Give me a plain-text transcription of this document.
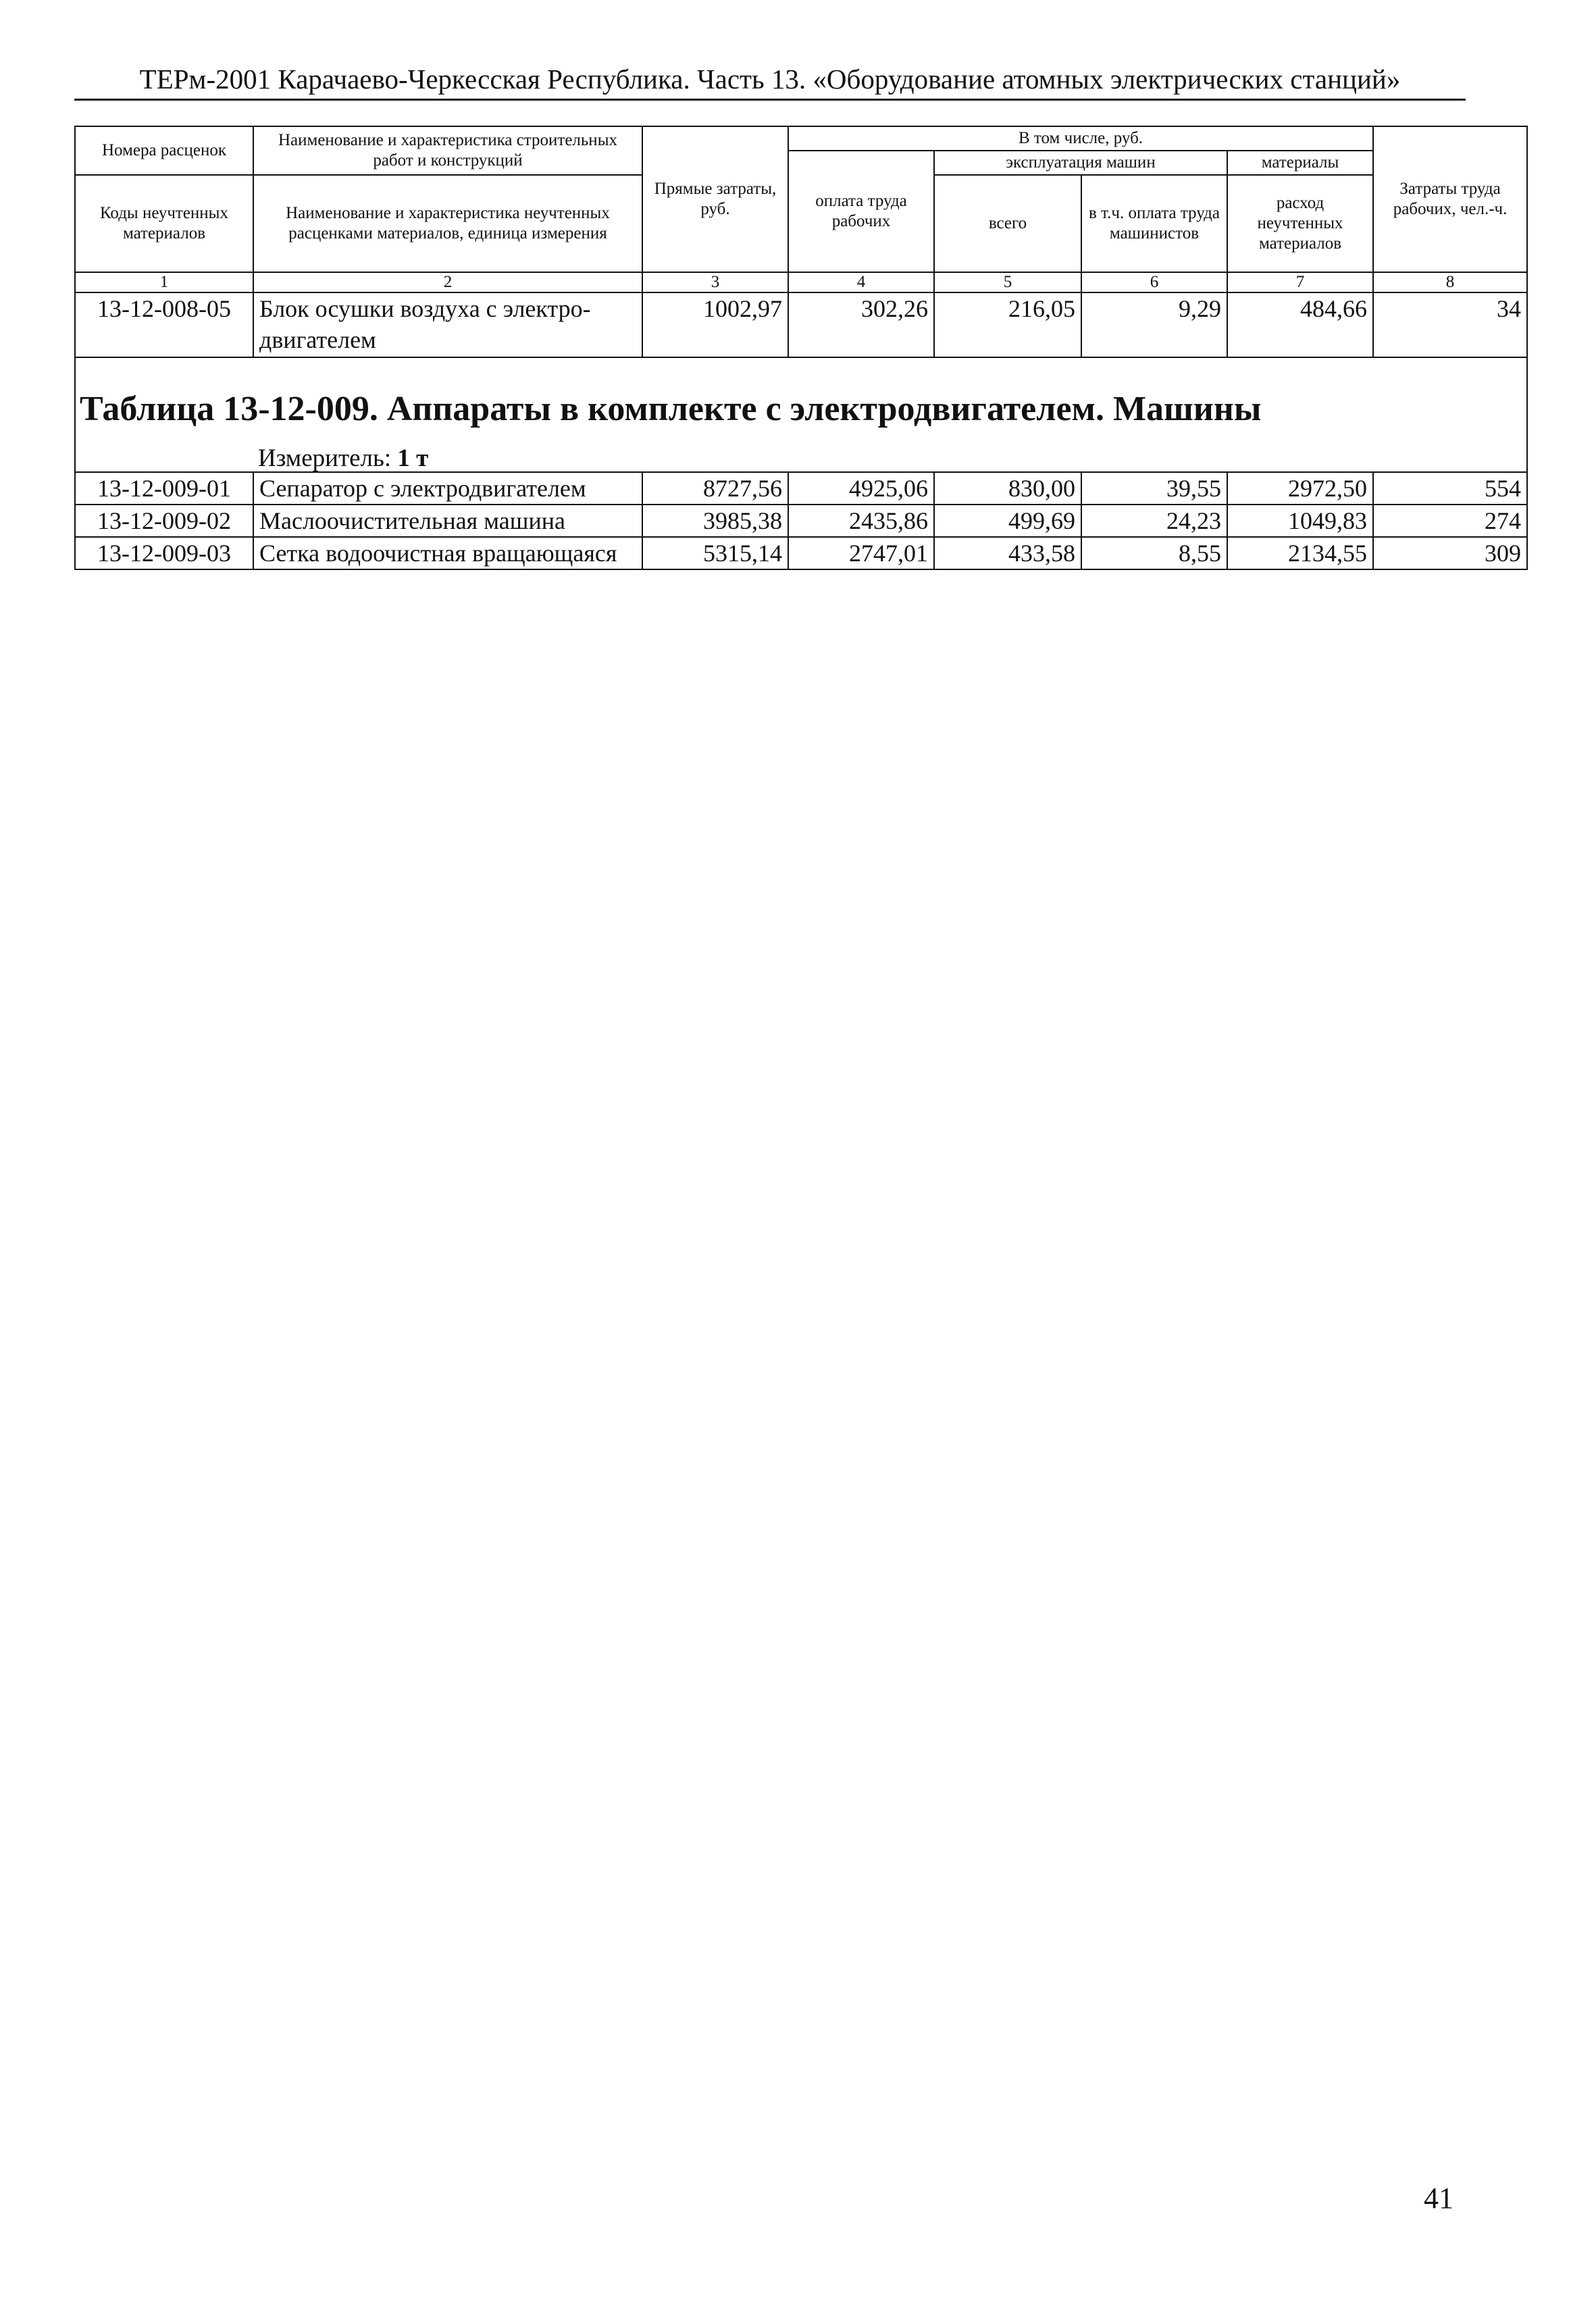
ТЕРм-2001 Карачаево-Черкесская Республика. Часть 13. «Оборудование атомных электрических станций»
Номера расценок	Наименование и характеристика строительных работ и конструкций	Прямые затраты, руб.	В том числе, руб.				Затраты труда рабочих, чел.-ч.
			оплата труда рабочих	эксплуатация машин		материалы	
Коды неучтенных материалов	Наименование и характеристика неучтенных расценками материалов, единица измерения			всего	в т.ч. оплата труда машинистов	расход неучтенных материалов	

1	2	3	4	5	6	7	8
13-12-008-05	Блок осушки воздуха с электро-двигателем	1002,97	302,26	216,05	9,29	484,66	34

Таблица 13-12-009. Аппараты в комплекте с электродвигателем. Машины
Измеритель: 1 т							

13-12-009-01	Сепаратор с электродвигателем	8727,56	4925,06	830,00	39,55	2972,50	554
13-12-009-02	Маслоочистительная машина	3985,38	2435,86	499,69	24,23	1049,83	274
13-12-009-03	Сетка водоочистная вращающаяся	5315,14	2747,01	433,58	8,55	2134,55	309
41
